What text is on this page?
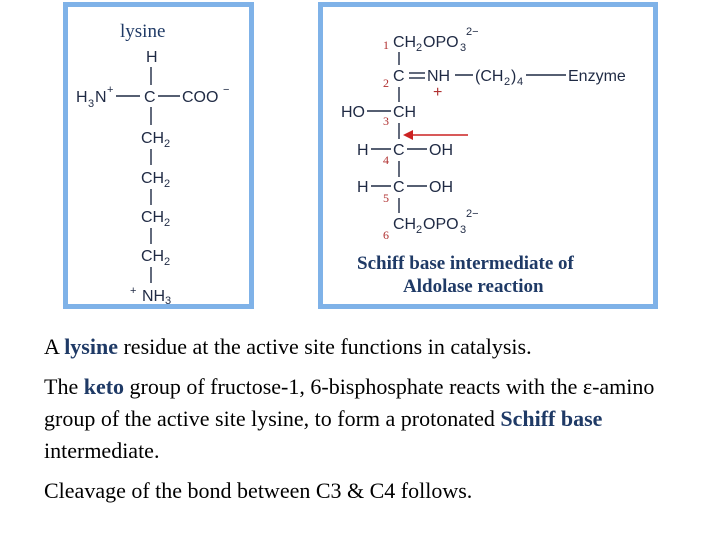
lysine
H
H 3 N + C COO −
CH 2
CH 2
CH 2
CH 2
+ NH 3
1 CH 2 OPO 3
2−
2 C NH
+
(CH 2 ) 4	Enzyme
3
HO CH
4
H C OH
5
H C OH
6
CH 2 OPO 3
2−
Schiff base intermediate of
Aldolase reaction

A lysine residue at the active site functions in catalysis.

The keto group of fructose-1, 6-bisphosphate reacts with the ε-amino group of the active site lysine, to form a protonated Schiff base intermediate.

Cleavage of the bond between C3 & C4 follows.
